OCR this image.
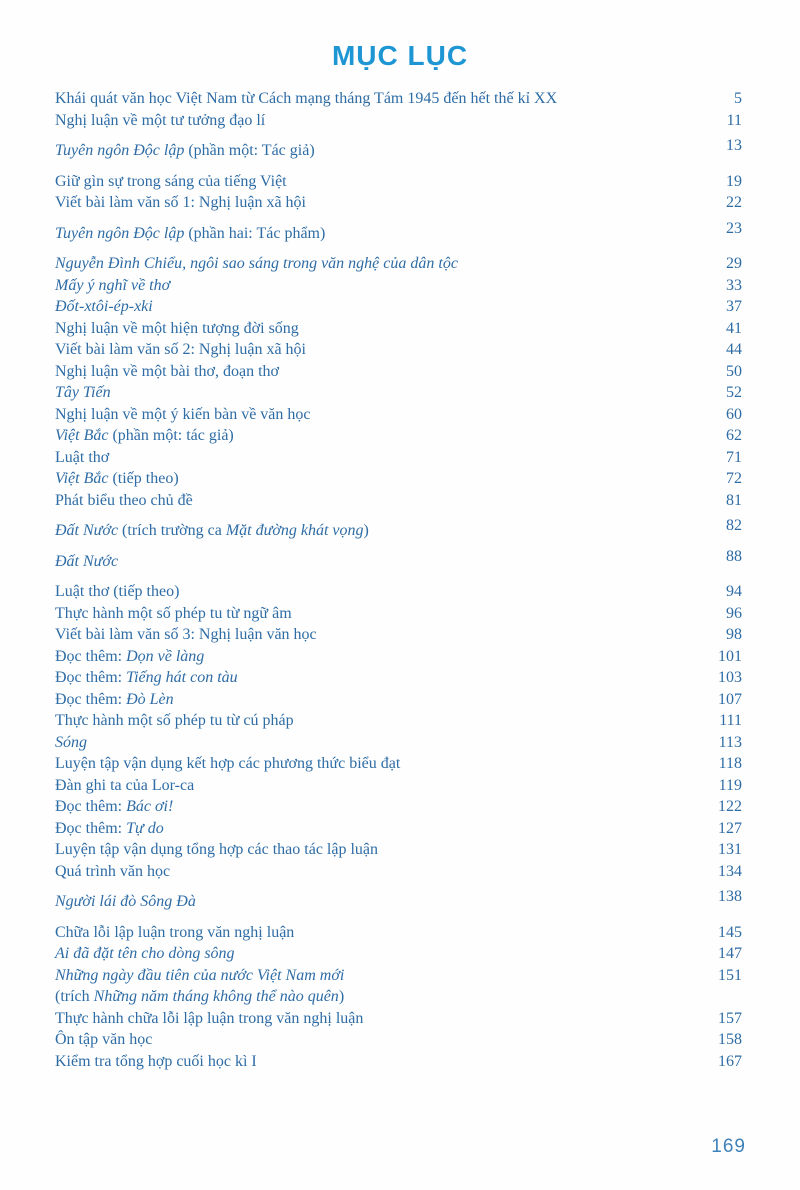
MỤC LỤC
Khái quát văn học Việt Nam từ Cách mạng tháng Tám 1945 đến hết thế kỉ XX	5
Nghị luận về một tư tưởng đạo lí	11
Tuyên ngôn Độc lập (phần một: Tác giả)	13
Giữ gìn sự trong sáng của tiếng Việt	19
Viết bài làm văn số 1: Nghị luận xã hội	22
Tuyên ngôn Độc lập (phần hai: Tác phẩm)	23
Nguyễn Đình Chiểu, ngôi sao sáng trong văn nghệ của dân tộc	29
Mấy ý nghĩ về thơ	33
Đốt-xtôi-ép-xki	37
Nghị luận về một hiện tượng đời sống	41
Viết bài làm văn số 2: Nghị luận xã hội	44
Nghị luận về một bài thơ, đoạn thơ	50
Tây Tiến	52
Nghị luận về một ý kiến bàn về văn học	60
Việt Bắc (phần một: tác giả)	62
Luật thơ	71
Việt Bắc (tiếp theo)	72
Phát biểu theo chủ đề	81
Đất Nước (trích trường ca Mặt đường khát vọng)	82
Đất Nước	88
Luật thơ (tiếp theo)	94
Thực hành một số phép tu từ ngữ âm	96
Viết bài làm văn số 3: Nghị luận văn học	98
Đọc thêm: Dọn về làng	101
Đọc thêm: Tiếng hát con tàu	103
Đọc thêm: Đò Lèn	107
Thực hành một số phép tu từ cú pháp	111
Sóng	113
Luyện tập vận dụng kết hợp các phương thức biểu đạt	118
Đàn ghi ta của Lor-ca	119
Đọc thêm: Bác ơi!	122
Đọc thêm: Tự do	127
Luyện tập vận dụng tổng hợp các thao tác lập luận	131
Quá trình văn học	134
Người lái đò Sông Đà	138
Chữa lỗi lập luận trong văn nghị luận	145
Ai đã đặt tên cho dòng sông	147
Những ngày đầu tiên của nước Việt Nam mới	151
(trích Những năm tháng không thể nào quên)
Thực hành chữa lỗi lập luận trong văn nghị luận	157
Ôn tập văn học	158
Kiểm tra tổng hợp cuối học kì I	167
169
